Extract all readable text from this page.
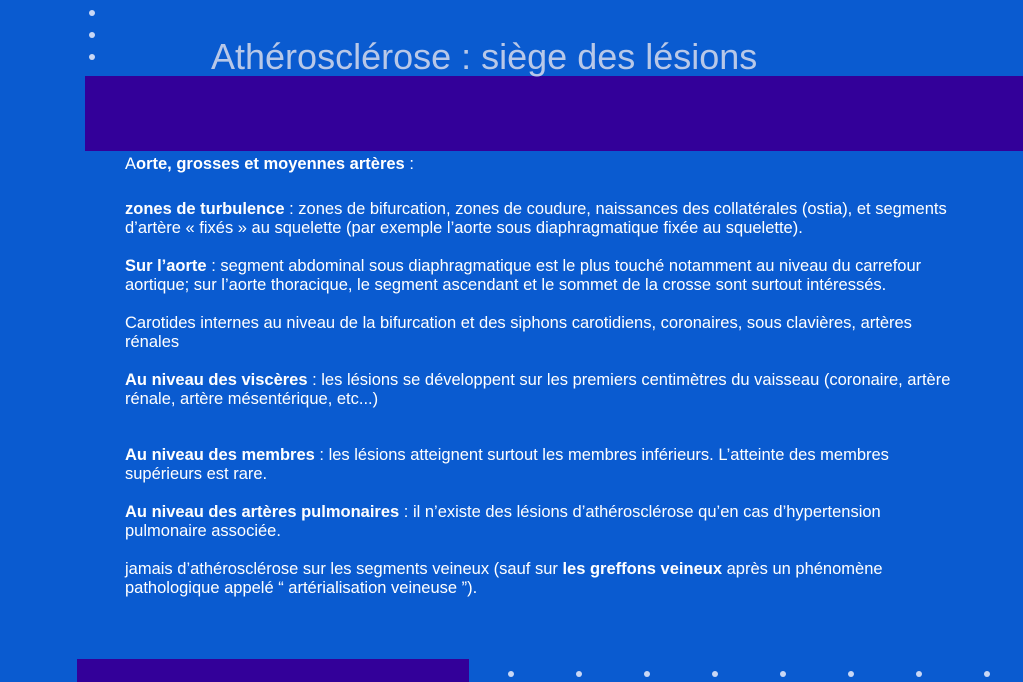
Athérosclérose : siège des lésions

Aorte, grosses et moyennes artères :

zones de turbulence : zones de bifurcation, zones de coudure, naissances des collatérales (ostia), et segments d’artère « fixés » au squelette (par exemple l’aorte sous diaphragmatique fixée au squelette).

Sur l’aorte : segment abdominal sous diaphragmatique est le plus touché notamment au niveau du carrefour aortique; sur l’aorte thoracique, le segment ascendant et le sommet de la crosse sont surtout intéressés.

Carotides internes au niveau de la bifurcation et des siphons carotidiens, coronaires, sous clavières, artères rénales

Au niveau des viscères : les lésions se développent sur les premiers centimètres du vaisseau (coronaire, artère rénale, artère mésentérique, etc...)

Au niveau des membres : les lésions atteignent surtout les membres inférieurs. L’atteinte des membres supérieurs est rare.

Au niveau des artères pulmonaires : il n’existe des lésions d’athérosclérose qu’en cas d’hypertension pulmonaire associée.

jamais d’athérosclérose sur les segments veineux (sauf sur les greffons veineux après un phénomène pathologique appelé “ artérialisation veineuse ”).
